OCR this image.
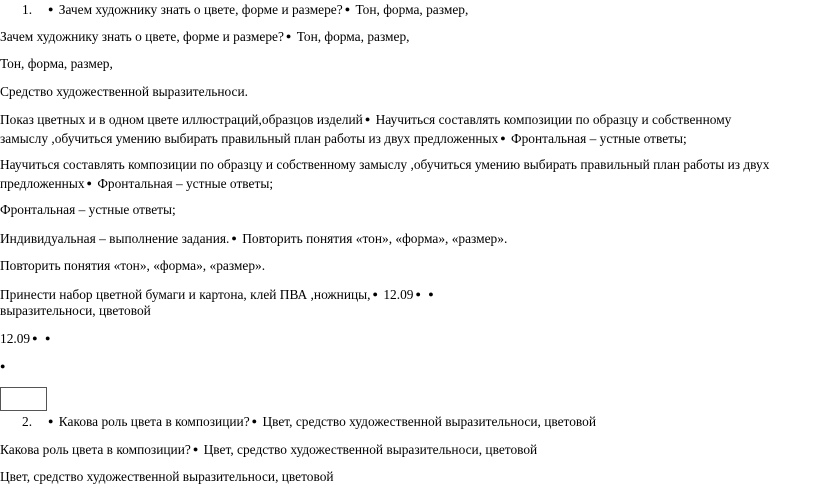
1. ● Зачем художнику знать о цвете, форме и размере? ● Тон, форма, размер,
Зачем художнику знать о цвете, форме и размере? ● Тон, форма, размер,
Тон, форма, размер,
Средство художественной выразительноси.
Показ цветных и в одном цвете иллюстраций,образцов изделий ● Научиться составлять композиции по образцу и собственному замыслу ,обучиться умению выбирать правильный план работы из двух предложенных ● Фронтальная – устные ответы;
Научиться составлять композиции по образцу и собственному замыслу ,обучиться умению выбирать правильный план работы из двух предложенных ● Фронтальная – устные ответы;
Фронтальная – устные ответы;
Индивидуальная – выполнение задания. ● Повторить понятия «тон», «форма», «размер».
Повторить понятия «тон», «форма», «размер».
Принести набор цветной бумаги и картона, клей ПВА ,ножницы, ● 12.09 ● ●
выразительноси, цветовой
12.09 ● ●
●
2. ● Какова роль цвета в композиции? ● Цвет, средство художественной выразительноси, цветовой
Какова роль цвета в композиции? ● Цвет, средство художественной выразительноси, цветовой
Цвет, средство художественной выразительноси, цветовой
